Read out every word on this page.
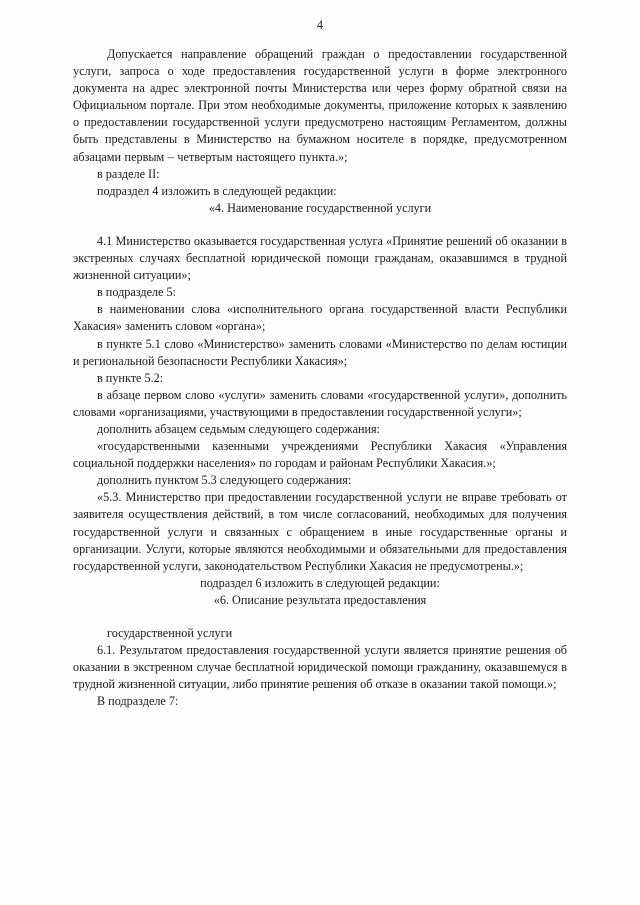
4

Допускается направление обращений граждан о предоставлении государственной услуги, запроса о ходе предоставления государственной услуги в форме электронного документа на адрес электронной почты Министерства или через форму обратной связи на Официальном портале. При этом необходимые документы, приложение которых к заявлению о предоставлении государственной услуги предусмотрено настоящим Регламентом, должны быть представлены в Министерство на бумажном носителе в порядке, предусмотренном абзацами первым – четвертым настоящего пункта.»;

в разделе II:

подраздел 4 изложить в следующей редакции:

«4. Наименование государственной услуги

4.1 Министерство оказывается государственная услуга «Принятие решений об оказании в экстренных случаях бесплатной юридической помощи гражданам, оказавшимся в трудной жизненной ситуации»;

в подразделе 5:

в наименовании слова «исполнительного органа государственной власти Республики Хакасия» заменить словом «органа»;

в пункте 5.1 слово «Министерство» заменить словами «Министерство по делам юстиции и региональной безопасности Республики Хакасия»;

в пункте 5.2:

в абзаце первом слово «услуги» заменить словами «государственной услуги», дополнить словами «организациями, участвующими в предоставлении государственной услуги»;

дополнить абзацем седьмым следующего содержания:

«государственными казенными учреждениями Республики Хакасия «Управления социальной поддержки населения» по городам и районам Республики Хакасия.»;

дополнить пунктом 5.3 следующего содержания:

«5.3. Министерство при предоставлении государственной услуги не вправе требовать от заявителя осуществления действий, в том числе согласований, необходимых для получения государственной услуги и связанных с обращением в иные государственные органы и организации. Услуги, которые являются необходимыми и обязательными для предоставления государственной услуги, законодательством Республики Хакасия не предусмотрены.»;

подраздел 6 изложить в следующей редакции:

«6. Описание результата предоставления

государственной услуги

6.1. Результатом предоставления государственной услуги является принятие решения об оказании в экстренном случае бесплатной юридической помощи гражданину, оказавшемуся в трудной жизненной ситуации, либо принятие решения об отказе в оказании такой помощи.»;

В подразделе 7:
